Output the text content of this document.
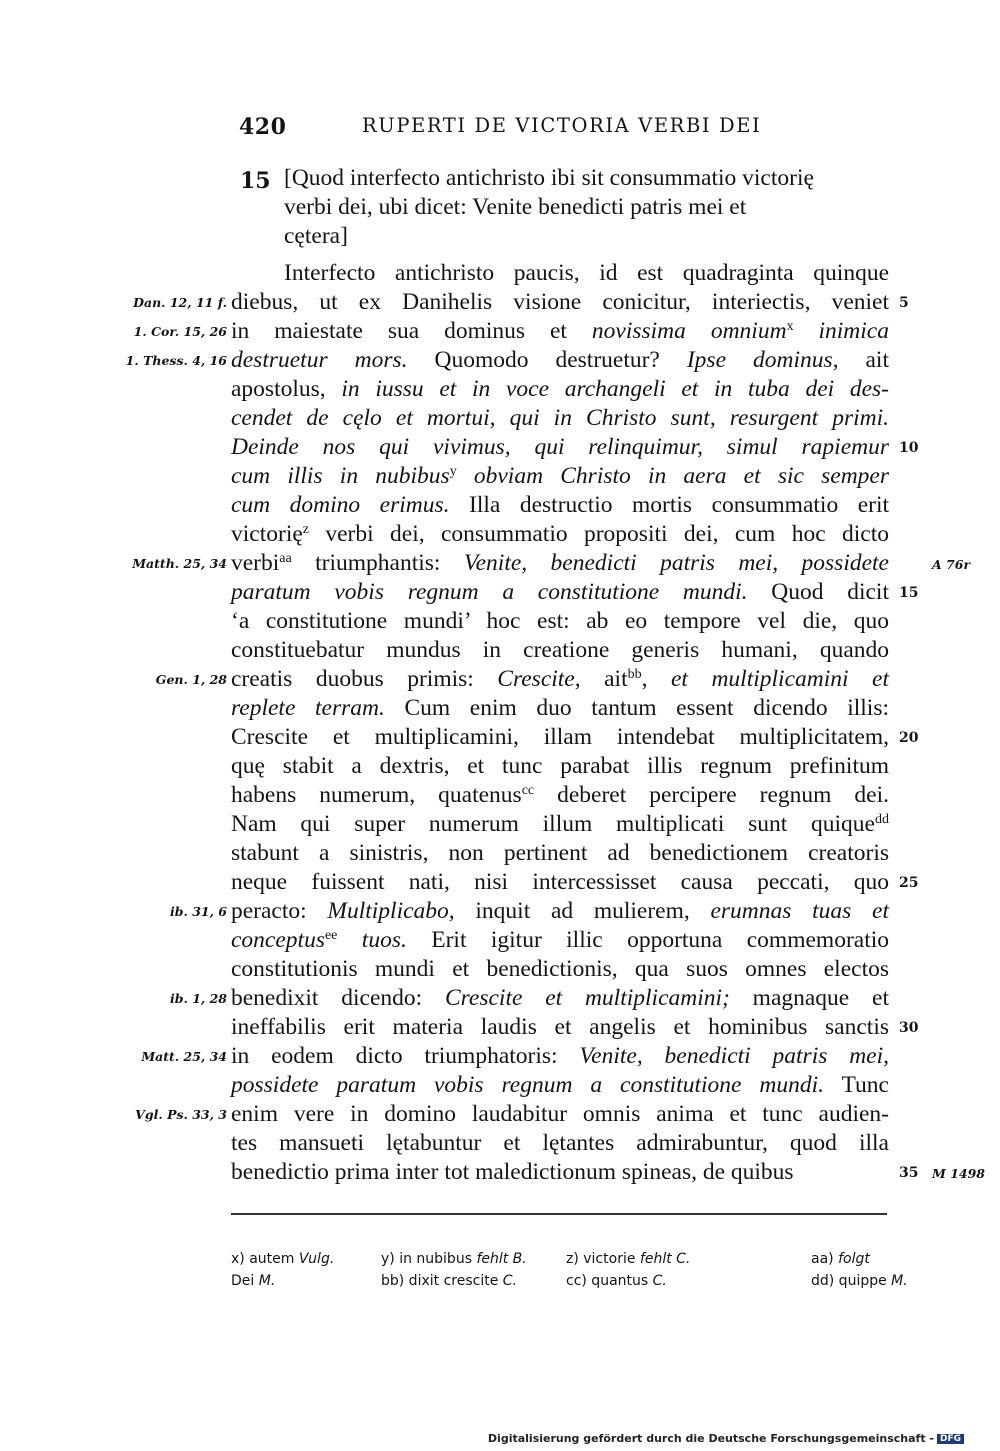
420	RUPERTI DE VICTORIA VERBI DEI
15 [Quod interfecto antichristo ibi sit consummatio victorię
verbi dei, ubi dicet: Venite benedicti patris mei et
cętera]
Interfecto antichristo paucis, id est quadraginta quinque
diebus, ut ex Danihelis visione conicitur, interiectis, veniet
in maiestate sua dominus et novissima omnium$^x$ inimica
destruetur mors. Quomodo destruetur? Ipse dominus, ait
apostolus, in iussu et in voce archangeli et in tuba dei des-
cendet de cęlo et mortui, qui in Christo sunt, resurgent primi.
Deinde nos qui vivimus, qui relinquimur, simul rapiemur
cum illis in nubibus$^y$ obviam Christo in aera et sic semper
cum domino erimus. Illa destructio mortis consummatio erit
victorię$^z$ verbi dei, consummatio propositi dei, cum hoc dicto
verbi$^{aa}$ triumphantis: Venite, benedicti patris mei, possidete
paratum vobis regnum a constitutione mundi. Quod dicit
‘a constitutione mundi’ hoc est: ab eo tempore vel die, quo
constituebatur mundus in creatione generis humani, quando
creatis duobus primis: Crescite, ait$^{bb}$, et multiplicamini et
replete terram. Cum enim duo tantum essent dicendo illis:
Crescite et multiplicamini, illam intendebat multiplicitatem,
quę stabit a dextris, et tunc parabat illis regnum prefinitum
habens numerum, quatenus$^{cc}$ deberet percipere regnum dei.
Nam qui super numerum illum multiplicati sunt quique$^{dd}$
stabunt a sinistris, non pertinent ad benedictionem creatoris
neque fuissent nati, nisi intercessisset causa peccati, quo
peracto: Multiplicabo, inquit ad mulierem, erumnas tuas et
conceptus$^{ee}$ tuos. Erit igitur illic opportuna commemoratio
constitutionis mundi et benedictionis, qua suos omnes electos
benedixit dicendo: Crescite et multiplicamini; magnaque et
ineffabilis erit materia laudis et angelis et hominibus sanctis
in eodem dicto triumphatoris: Venite, benedicti patris mei,
possidete paratum vobis regnum a constitutione mundi. Tunc
enim vere in domino laudabitur omnis anima et tunc audien-
tes mansueti lętabuntur et lętantes admirabuntur, quod illa
benedictio prima inter tot maledictionum spineas, de quibus
Dan. 12, 11 f.
1. Cor. 15, 26
1. Thess. 4, 16
Matth. 25, 34
Gen. 1, 28
ib. 31, 6
ib. 1, 28
Matt. 25, 34
Vgl. Ps. 33, 3
5
10
15
20
25
30
35
A 76r
M 1498
x) autem Vulg.	y) in nubibus fehlt B.	z) victorie fehlt C.	aa) folgt
Dei M.	bb) dixit crescite C.	cc) quantus C.	dd) quippe M.
Digitalisierung gefördert durch die Deutsche Forschungsgemeinschaft - DFG
